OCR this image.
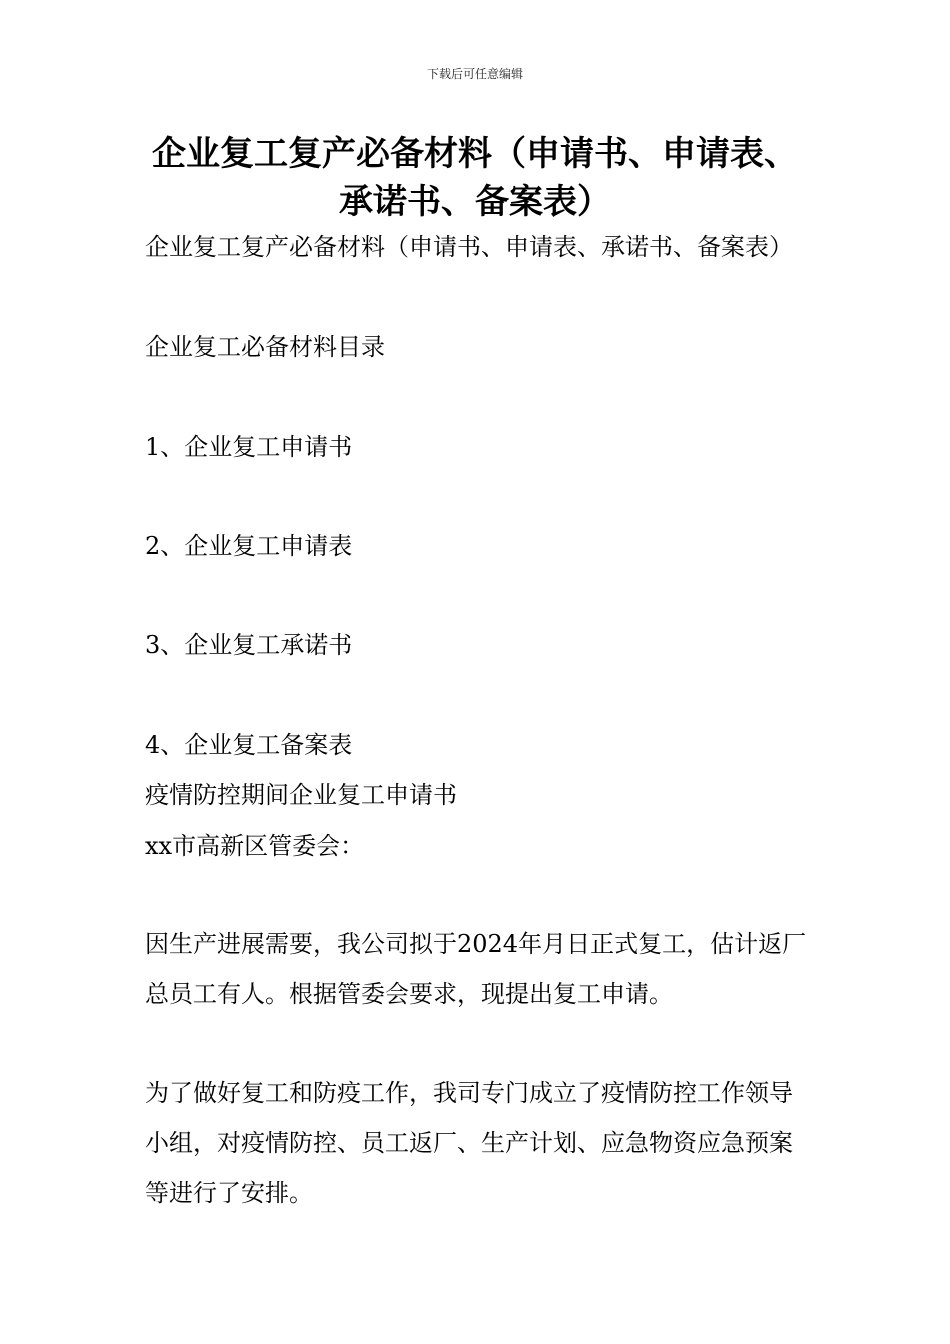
下载后可任意编辑
企业复工复产必备材料（申请书、申请表、承诺书、备案表）

企业复工复产必备材料（申请书、申请表、承诺书、备案表）

企业复工必备材料目录

1、企业复工申请书

2、企业复工申请表

3、企业复工承诺书

4、企业复工备案表

疫情防控期间企业复工申请书

xx市高新区管委会：

因生产进展需要，我公司拟于2024年月日正式复工，估计返厂总员工有人。根据管委会要求，现提出复工申请。

为了做好复工和防疫工作，我司专门成立了疫情防控工作领导小组，对疫情防控、员工返厂、生产计划、应急物资应急预案等进行了安排。
